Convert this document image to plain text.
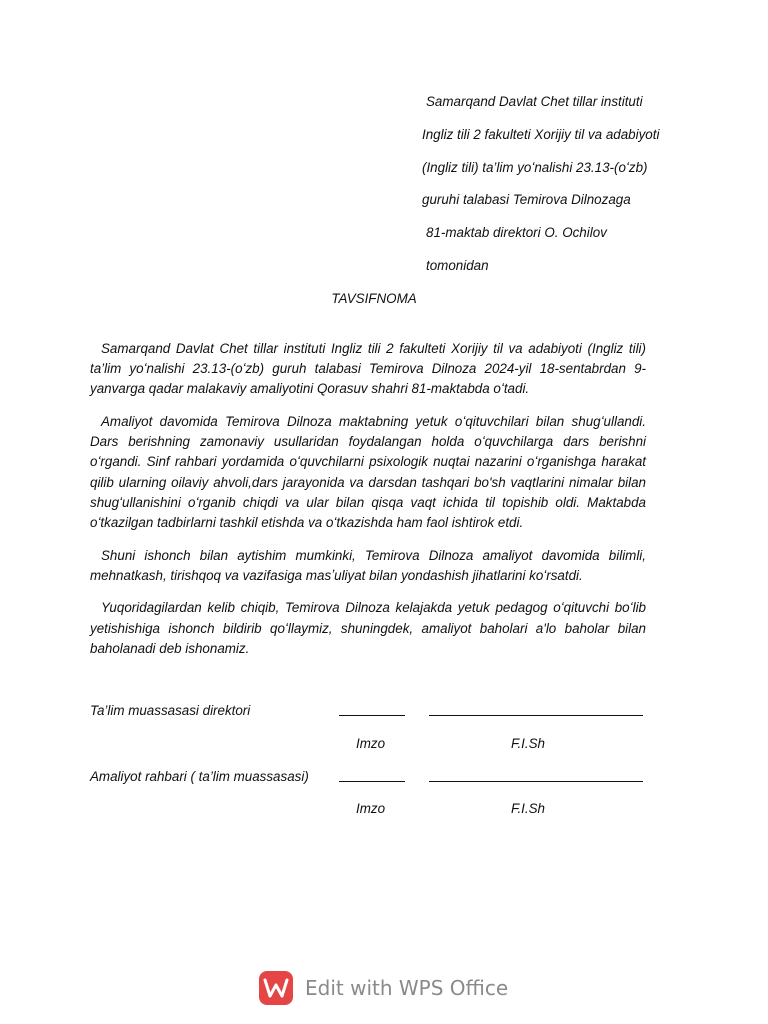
Samarqand Davlat Chet tillar instituti
Ingliz tili 2 fakulteti Xorijiy til va adabiyoti
(Ingliz tili) ta’lim yoʻnalishi 23.13-(oʻzb)
guruhi talabasi Temirova Dilnozaga
81-maktab direktori O. Ochilov
tomonidan
TAVSIFNOMA

Samarqand Davlat Chet tillar instituti Ingliz tili 2 fakulteti Xorijiy til va adabiyoti (Ingliz tili) ta’lim yoʻnalishi 23.13-(oʻzb) guruh talabasi Temirova Dilnoza 2024-yil 18-sentabrdan 9-yanvarga qadar malakaviy amaliyotini Qorasuv shahri 81-maktabda oʻtadi.

Amaliyot davomida Temirova Dilnoza maktabning yetuk oʻqituvchilari bilan shugʻullandi. Dars berishning zamonaviy usullaridan foydalangan holda oʻquvchilarga dars berishni oʻrgandi. Sinf rahbari yordamida oʻquvchilarni psixologik nuqtai nazarini oʻrganishga harakat qilib ularning oilaviy ahvoli,dars jarayonida va darsdan tashqari bo'sh vaqtlarini nimalar bilan shugʻullanishini oʻrganib chiqdi va ular bilan qisqa vaqt ichida til topishib oldi. Maktabda oʻtkazilgan tadbirlarni tashkil etishda va oʻtkazishda ham faol ishtirok etdi.

Shuni ishonch bilan aytishim mumkinki, Temirova Dilnoza amaliyot davomida bilimli, mehnatkash, tirishqoq va vazifasiga masʼuliyat bilan yondashish jihatlarini koʻrsatdi.

Yuqoridagilardan kelib chiqib, Temirova Dilnoza kelajakda yetuk pedagog oʻqituvchi boʻlib yetishishiga ishonch bildirib qoʻllaymiz, shuningdek, amaliyot baholari a'lo baholar bilan baholanadi deb ishonamiz.

Ta’lim muassasasi direktori
Imzo	F.I.Sh
Amaliyot rahbari ( ta’lim muassasasi)
Imzo	F.I.Sh
Edit with WPS Office
